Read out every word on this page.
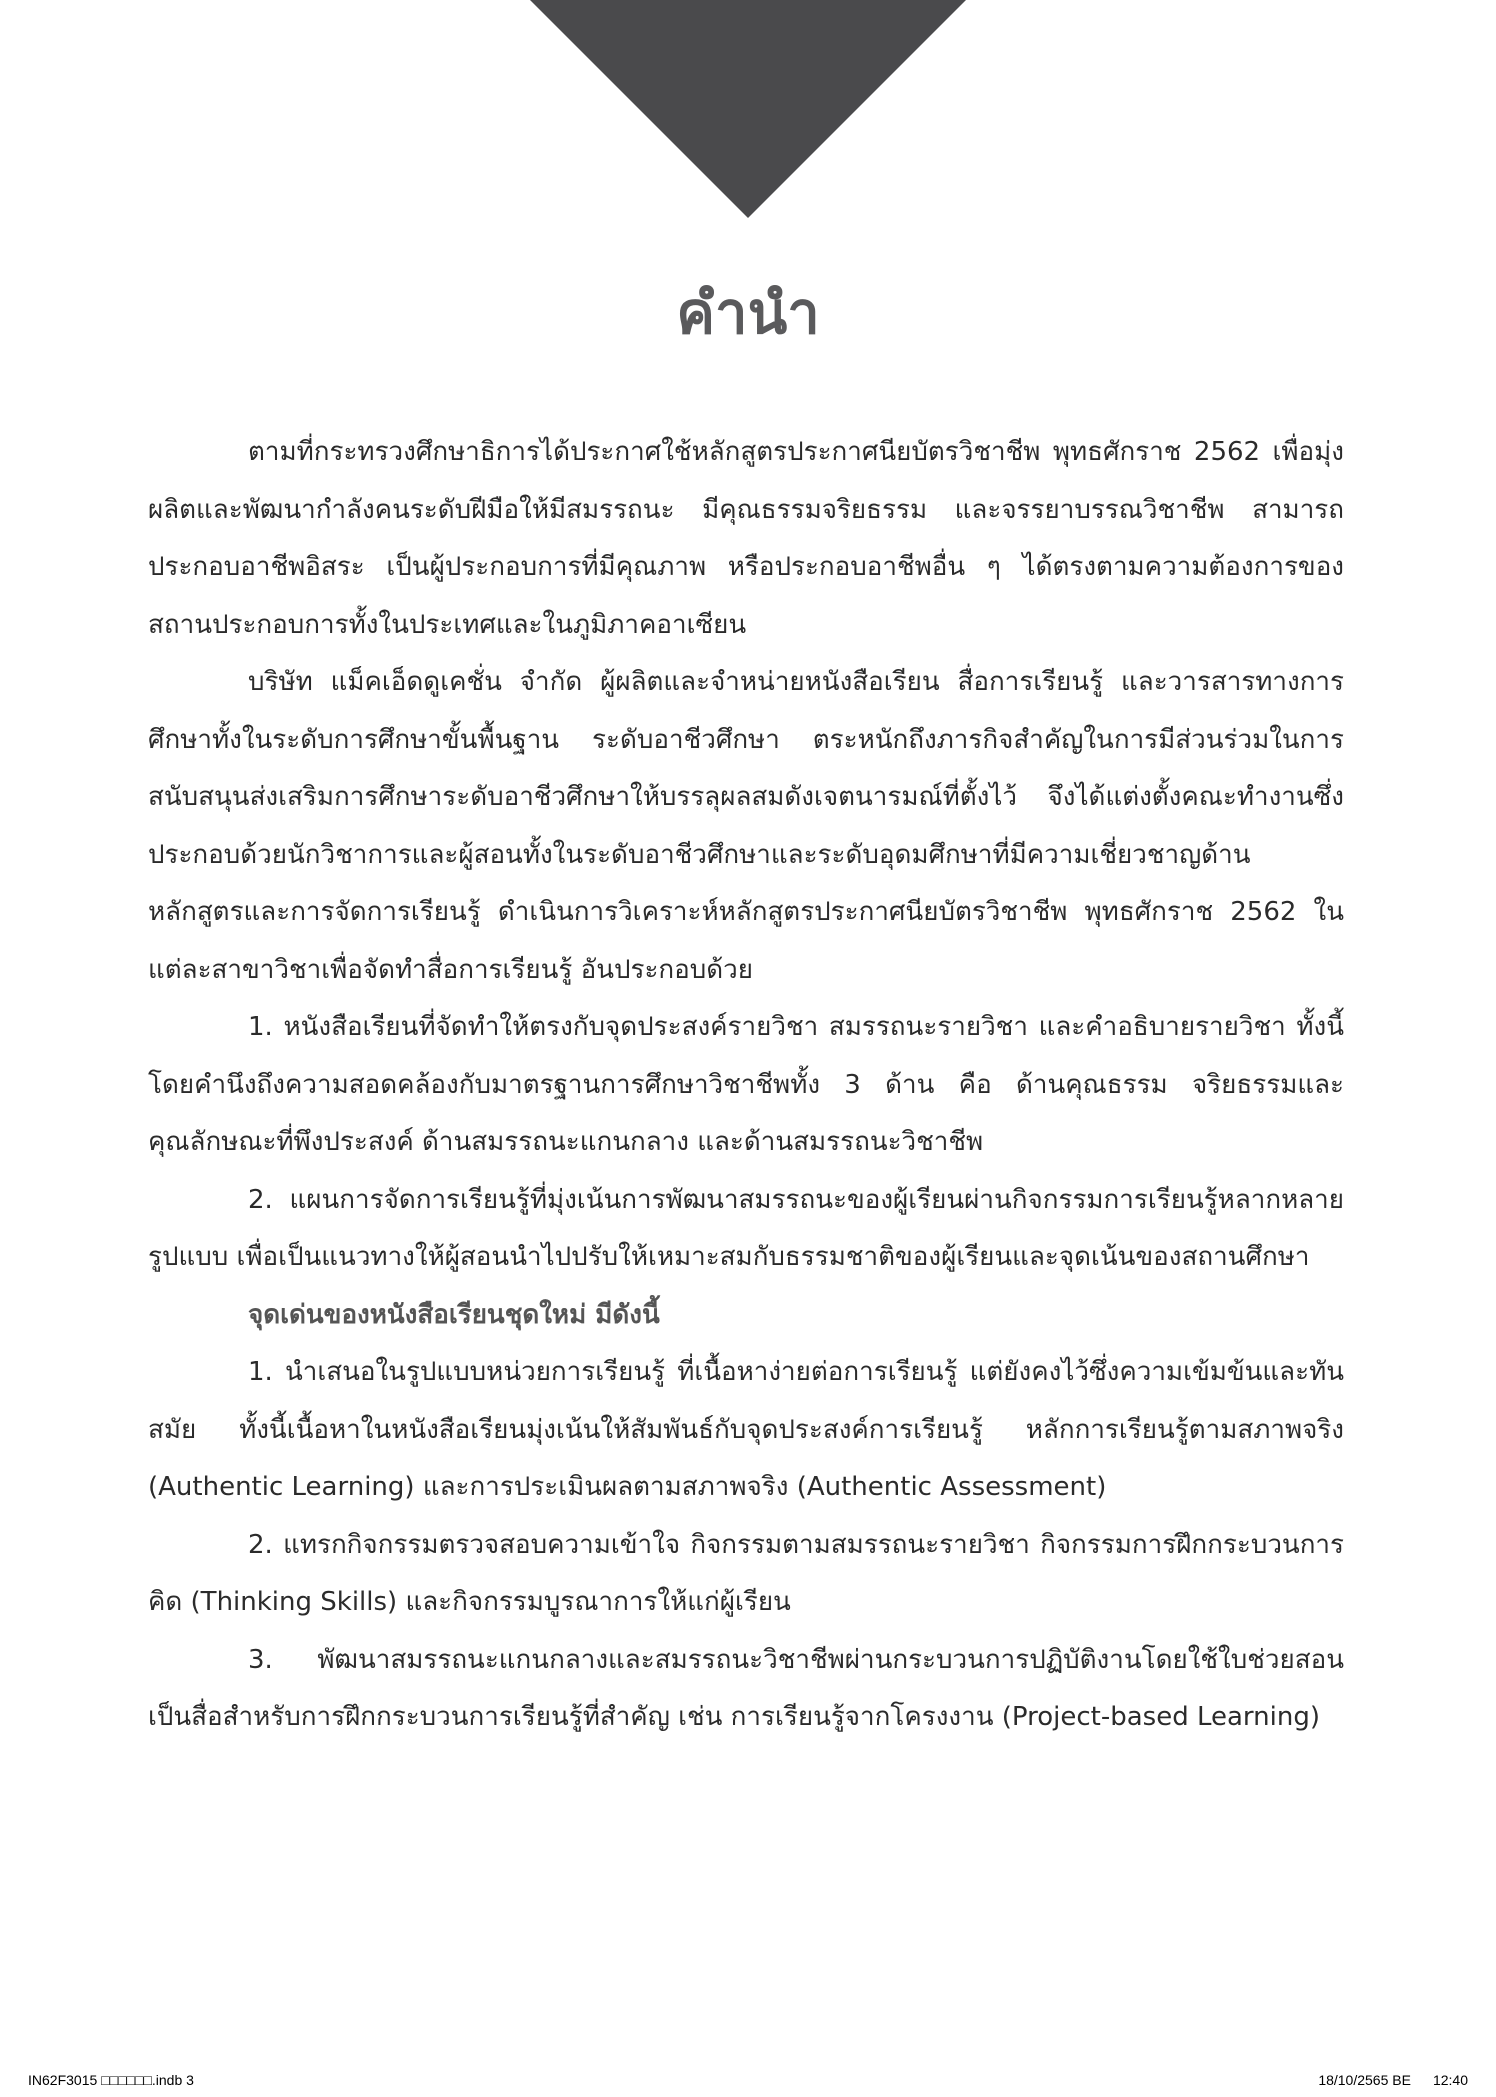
คำนำ

ตามที่กระทรวงศึกษาธิการได้ประกาศใช้หลักสูตรประกาศนียบัตรวิชาชีพ พุทธศักราช 2562 เพื่อมุ่งผลิตและพัฒนากำลังคนระดับฝีมือให้มีสมรรถนะ มีคุณธรรมจริยธรรม และจรรยาบรรณวิชาชีพ สามารถประกอบอาชีพอิสระ เป็นผู้ประกอบการที่มีคุณภาพ หรือประกอบอาชีพอื่น ๆ ได้ตรงตามความต้องการของสถานประกอบการทั้งในประเทศและในภูมิภาคอาเซียน

บริษัท แม็คเอ็ดดูเคชั่น จำกัด ผู้ผลิตและจำหน่ายหนังสือเรียน สื่อการเรียนรู้ และวารสารทางการศึกษาทั้งในระดับการศึกษาขั้นพื้นฐาน ระดับอาชีวศึกษา ตระหนักถึงภารกิจสำคัญในการมีส่วนร่วมในการสนับสนุนส่งเสริมการศึกษาระดับอาชีวศึกษาให้บรรลุผลสมดังเจตนารมณ์ที่ตั้งไว้ จึงได้แต่งตั้งคณะทำงานซึ่งประกอบด้วยนักวิชาการและผู้สอนทั้งในระดับอาชีวศึกษาและระดับอุดมศึกษาที่มีความเชี่ยวชาญด้านหลักสูตรและการจัดการเรียนรู้ ดำเนินการวิเคราะห์หลักสูตรประกาศนียบัตรวิชาชีพ พุทธศักราช 2562 ในแต่ละสาขาวิชาเพื่อจัดทำสื่อการเรียนรู้ อันประกอบด้วย

1. หนังสือเรียนที่จัดทำให้ตรงกับจุดประสงค์รายวิชา สมรรถนะรายวิชา และคำอธิบายรายวิชา ทั้งนี้โดยคำนึงถึงความสอดคล้องกับมาตรฐานการศึกษาวิชาชีพทั้ง 3 ด้าน คือ ด้านคุณธรรม จริยธรรมและคุณลักษณะที่พึงประสงค์ ด้านสมรรถนะแกนกลาง และด้านสมรรถนะวิชาชีพ

2. แผนการจัดการเรียนรู้ที่มุ่งเน้นการพัฒนาสมรรถนะของผู้เรียนผ่านกิจกรรมการเรียนรู้หลากหลายรูปแบบ เพื่อเป็นแนวทางให้ผู้สอนนำไปปรับให้เหมาะสมกับธรรมชาติของผู้เรียนและจุดเน้นของสถานศึกษา

จุดเด่นของหนังสือเรียนชุดใหม่ มีดังนี้

1. นำเสนอในรูปแบบหน่วยการเรียนรู้ ที่เนื้อหาง่ายต่อการเรียนรู้ แต่ยังคงไว้ซึ่งความเข้มข้นและทันสมัย ทั้งนี้เนื้อหาในหนังสือเรียนมุ่งเน้นให้สัมพันธ์กับจุดประสงค์การเรียนรู้ หลักการเรียนรู้ตามสภาพจริง (Authentic Learning) และการประเมินผลตามสภาพจริง (Authentic Assessment)

2. แทรกกิจกรรมตรวจสอบความเข้าใจ กิจกรรมตามสมรรถนะรายวิชา กิจกรรมการฝึกกระบวนการคิด (Thinking Skills) และกิจกรรมบูรณาการให้แก่ผู้เรียน

3. พัฒนาสมรรถนะแกนกลางและสมรรถนะวิชาชีพผ่านกระบวนการปฏิบัติงานโดยใช้ใบช่วยสอนเป็นสื่อสำหรับการฝึกกระบวนการเรียนรู้ที่สำคัญ เช่น การเรียนรู้จากโครงงาน (Project-based Learning)

IN62F3015 □□□□□□.indb 3	18/10/2565 BE 12:40
